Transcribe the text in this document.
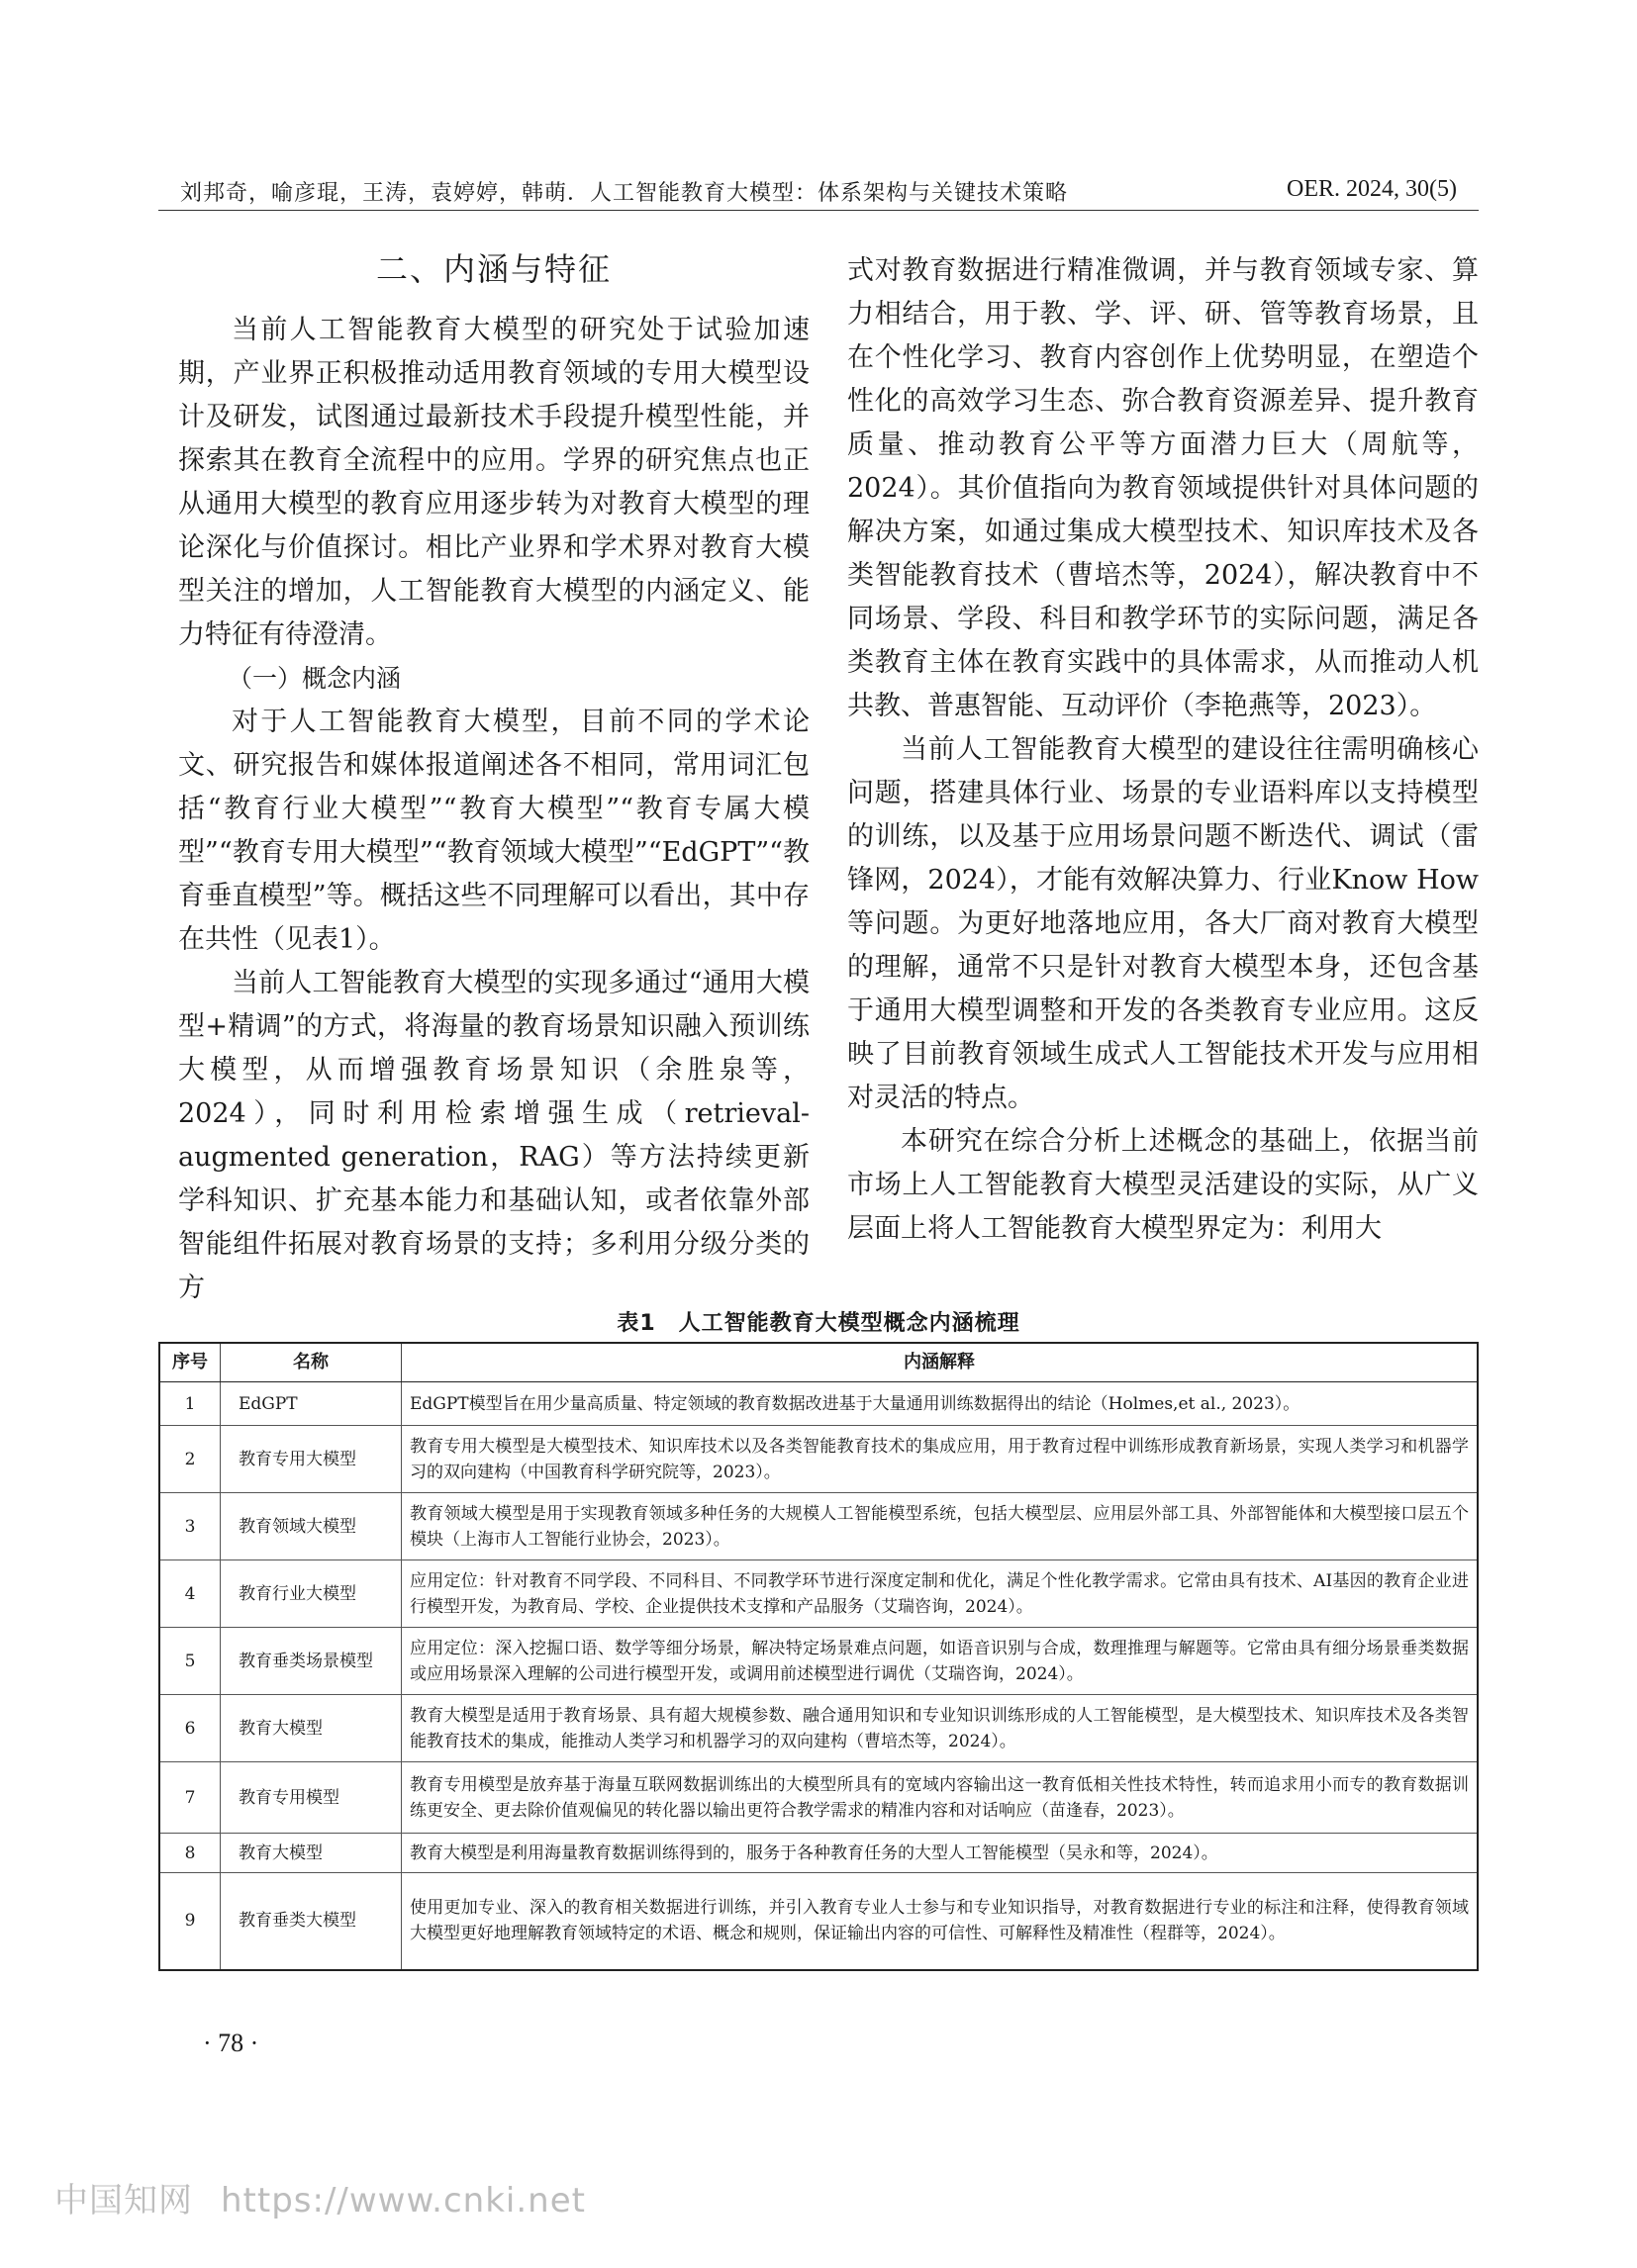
刘邦奇，喻彦琨，王涛，袁婷婷，韩萌．人工智能教育大模型：体系架构与关键技术策略	OER. 2024, 30(5)
二、内涵与特征

当前人工智能教育大模型的研究处于试验加速期，产业界正积极推动适用教育领域的专用大模型设计及研发，试图通过最新技术手段提升模型性能，并探索其在教育全流程中的应用。学界的研究焦点也正从通用大模型的教育应用逐步转为对教育大模型的理论深化与价值探讨。相比产业界和学术界对教育大模型关注的增加，人工智能教育大模型的内涵定义、能力特征有待澄清。

（一）概念内涵

对于人工智能教育大模型，目前不同的学术论文、研究报告和媒体报道阐述各不相同，常用词汇包括“教育行业大模型”“教育大模型”“教育专属大模型”“教育专用大模型”“教育领域大模型”“EdGPT”“教育垂直模型”等。概括这些不同理解可以看出，其中存在共性（见表1）。

当前人工智能教育大模型的实现多通过“通用大模型+精调”的方式，将海量的教育场景知识融入预训练大模型，从而增强教育场景知识（余胜泉等，2024），同时利用检索增强生成（retrieval-augmented generation，RAG）等方法持续更新学科知识、扩充基本能力和基础认知，或者依靠外部智能组件拓展对教育场景的支持；多利用分级分类的方

式对教育数据进行精准微调，并与教育领域专家、算力相结合，用于教、学、评、研、管等教育场景，且在个性化学习、教育内容创作上优势明显，在塑造个性化的高效学习生态、弥合教育资源差异、提升教育质量、推动教育公平等方面潜力巨大（周航等，2024）。其价值指向为教育领域提供针对具体问题的解决方案，如通过集成大模型技术、知识库技术及各类智能教育技术（曹培杰等，2024），解决教育中不同场景、学段、科目和教学环节的实际问题，满足各类教育主体在教育实践中的具体需求，从而推动人机共教、普惠智能、互动评价（李艳燕等，2023）。

当前人工智能教育大模型的建设往往需明确核心问题，搭建具体行业、场景的专业语料库以支持模型的训练，以及基于应用场景问题不断迭代、调试（雷锋网，2024），才能有效解决算力、行业Know How等问题。为更好地落地应用，各大厂商对教育大模型的理解，通常不只是针对教育大模型本身，还包含基于通用大模型调整和开发的各类教育专业应用。这反映了目前教育领域生成式人工智能技术开发与应用相对灵活的特点。

本研究在综合分析上述概念的基础上，依据当前市场上人工智能教育大模型灵活建设的实际，从广义层面上将人工智能教育大模型界定为：利用大

表1　人工智能教育大模型概念内涵梳理
序号	名称	内涵解释
1	EdGPT	EdGPT模型旨在用少量高质量、特定领域的教育数据改进基于大量通用训练数据得出的结论（Holmes,et al., 2023）。
2	教育专用大模型	教育专用大模型是大模型技术、知识库技术以及各类智能教育技术的集成应用，用于教育过程中训练形成教育新场景，实现人类学习和机器学习的双向建构（中国教育科学研究院等，2023）。
3	教育领域大模型	教育领域大模型是用于实现教育领域多种任务的大规模人工智能模型系统，包括大模型层、应用层外部工具、外部智能体和大模型接口层五个模块（上海市人工智能行业协会，2023）。
4	教育行业大模型	应用定位：针对教育不同学段、不同科目、不同教学环节进行深度定制和优化，满足个性化教学需求。它常由具有技术、AI基因的教育企业进行模型开发，为教育局、学校、企业提供技术支撑和产品服务（艾瑞咨询，2024）。
5	教育垂类场景模型	应用定位：深入挖掘口语、数学等细分场景，解决特定场景难点问题，如语音识别与合成，数理推理与解题等。它常由具有细分场景垂类数据或应用场景深入理解的公司进行模型开发，或调用前述模型进行调优（艾瑞咨询，2024）。
6	教育大模型	教育大模型是适用于教育场景、具有超大规模参数、融合通用知识和专业知识训练形成的人工智能模型，是大模型技术、知识库技术及各类智能教育技术的集成，能推动人类学习和机器学习的双向建构（曹培杰等，2024）。
7	教育专用模型	教育专用模型是放弃基于海量互联网数据训练出的大模型所具有的宽域内容输出这一教育低相关性技术特性，转而追求用小而专的教育数据训练更安全、更去除价值观偏见的转化器以输出更符合教学需求的精准内容和对话响应（苗逢春，2023）。
8	教育大模型	教育大模型是利用海量教育数据训练得到的，服务于各种教育任务的大型人工智能模型（吴永和等，2024）。
9	教育垂类大模型	使用更加专业、深入的教育相关数据进行训练，并引入教育专业人士参与和专业知识指导，对教育数据进行专业的标注和注释，使得教育领域大模型更好地理解教育领域特定的术语、概念和规则，保证输出内容的可信性、可解释性及精准性（程群等，2024）。
· 78 ·
中国知网 https://www.cnki.net
